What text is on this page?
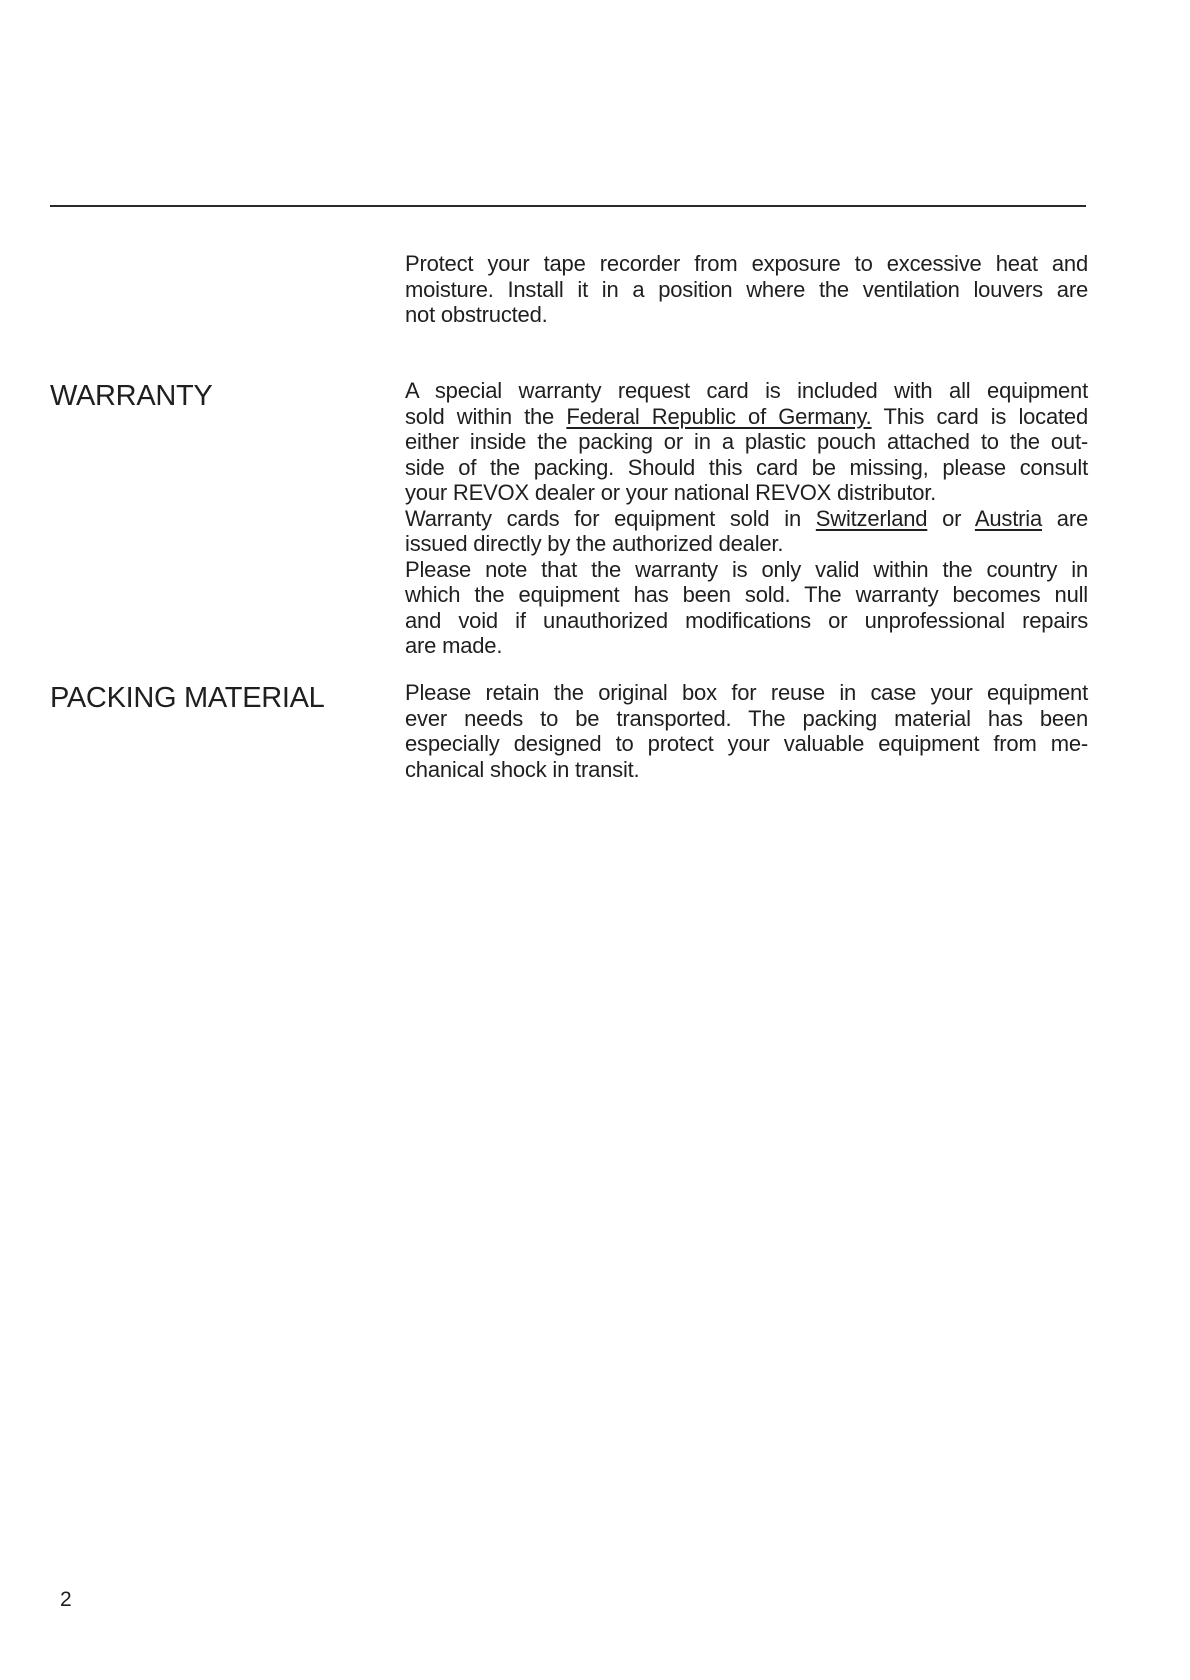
Protect your tape recorder from exposure to excessive heat and
moisture. Install it in a position where the ventilation louvers are
not obstructed.

WARRANTY	A special warranty request card is included with all equipment
sold within the Federal Republic of Germany. This card is located
either inside the packing or in a plastic pouch attached to the out-
side of the packing. Should this card be missing, please consult
your REVOX dealer or your national REVOX distributor.
Warranty cards for equipment sold in Switzerland or Austria are
issued directly by the authorized dealer.
Please note that the warranty is only valid within the country in
which the equipment has been sold. The warranty becomes null
and void if unauthorized modifications or unprofessional repairs
are made.

PACKING MATERIAL	Please retain the original box for reuse in case your equipment
ever needs to be transported. The packing material has been
especially designed to protect your valuable equipment from me-
chanical shock in transit.

2
